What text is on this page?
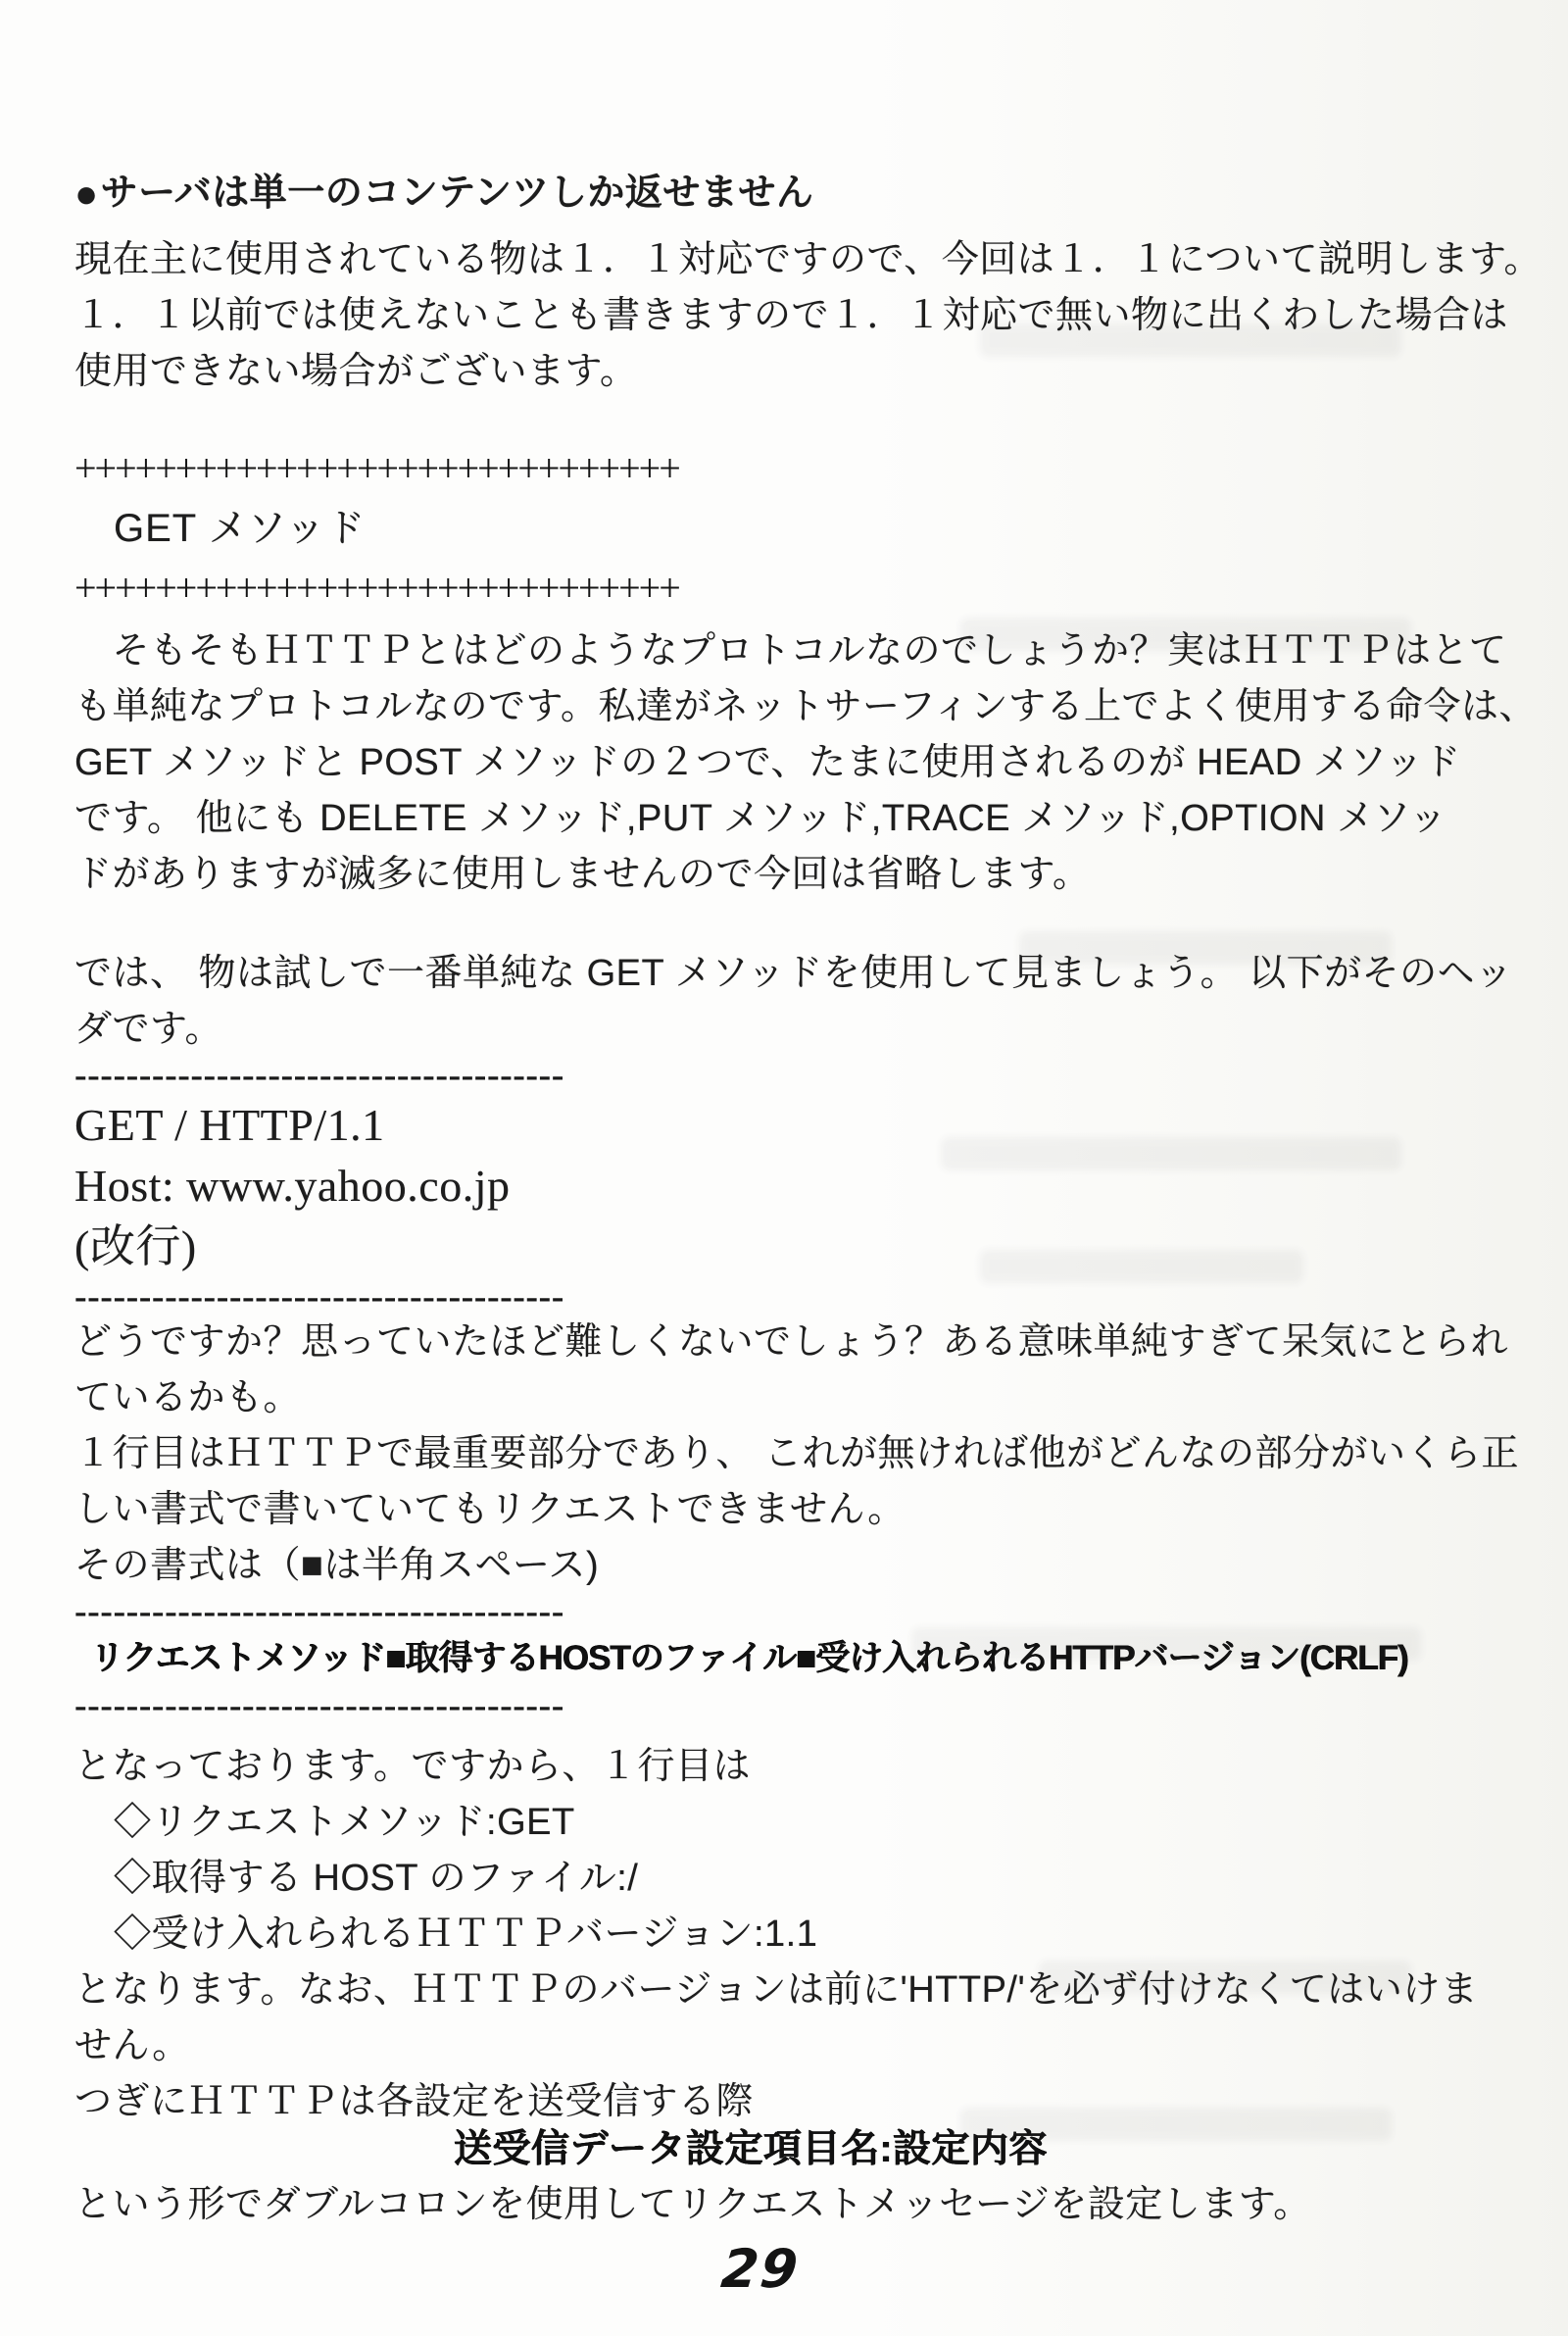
●サーバは単一のコンテンツしか返せません

現在主に使用されている物は１．１対応ですので、今回は１．１について説明します。
１．１以前では使えないことも書きますので１．１対応で無い物に出くわした場合は
使用できない場合がございます。

++++++++++++++++++++++++++++++
GET メソッド
++++++++++++++++++++++++++++++

　そもそもＨＴＴＰとはどのようなプロトコルなのでしょうか？実はＨＴＴＰはとて
も単純なプロトコルなのです。私達がネットサーフィンする上でよく使用する命令は、
GET メソッドと POST メソッドの２つで、たまに使用されるのが HEAD メソッド
です。 他にも DELETE メソッド,PUT メソッド,TRACE メソッド,OPTION メソッ
ドがありますが滅多に使用しませんので今回は省略します。

では、 物は試しで一番単純な GET メソッドを使用して見ましょう。 以下がそのヘッ
ダです。

--------------------------------------
GET / HTTP/1.1
Host: www.yahoo.co.jp
(改行)
--------------------------------------

どうですか？思っていたほど難しくないでしょう？ある意味単純すぎて呆気にとられ
ているかも。
１行目はＨＴＴＰで最重要部分であり、 これが無ければ他がどんなの部分がいくら正
しい書式で書いていてもリクエストできません。
その書式は（■は半角スペース)

--------------------------------------
リクエストメソッド■取得するHOSTのファイル■受け入れられるHTTPバージョン(CRLF)
--------------------------------------

となっております。ですから、１行目は

◇リクエストメソッド:GET
◇取得する HOST のファイル:/
◇受け入れられるＨＴＴＰバージョン:1.1

となります。なお、ＨＴＴＰのバージョンは前に'HTTP/'を必ず付けなくてはいけま
せん。
つぎにＨＴＴＰは各設定を送受信する際

送受信データ設定項目名:設定内容

という形でダブルコロンを使用してリクエストメッセージを設定します。

29
